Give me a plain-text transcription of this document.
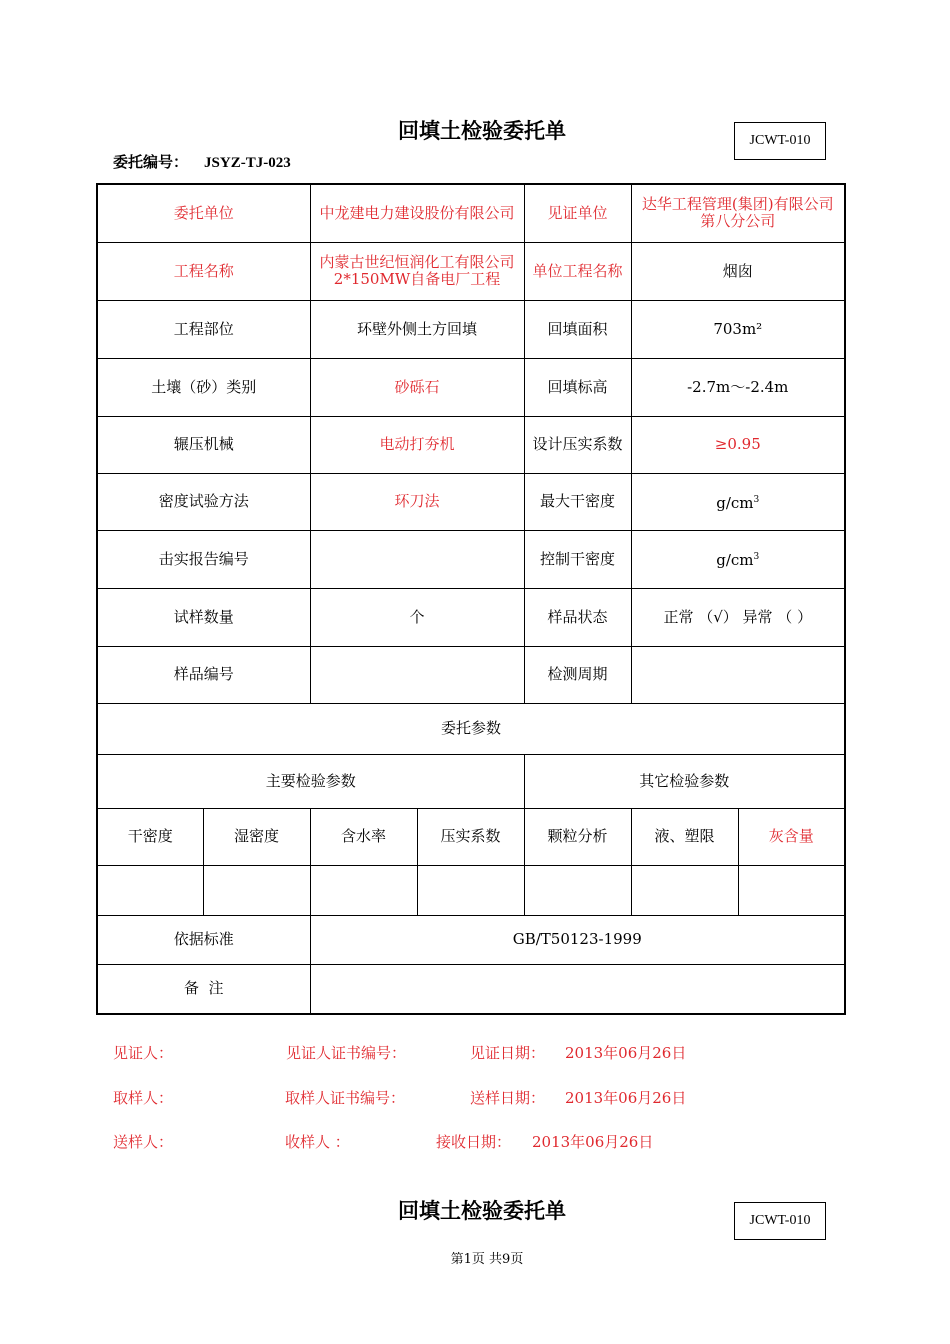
回填土检验委托单	JCWT-010
委托编号： JSYZ-TJ-023
委托单位		中龙建电力建设股份有限公司		见证单位	达华工程管理(集团)有限公司第八分公司	
工程名称		内蒙古世纪恒润化工有限公司2*150MW自备电厂工程		单位工程名称	烟囱	
工程部位		环壁外侧土方回填		回填面积	703m²	
土壤（砂）类别		砂砾石		回填标高	-2.7m～-2.4m	
辗压机械		电动打夯机		设计压实系数	≥0.95	
密度试验方法		环刀法		最大干密度	$g/cm^3$
击实报告编号				控制干密度	$g/cm^3$
试样数量		个		样品状态	正常 （√） 异常 （ ）	
样品编号				检测周期		
委托参数						
主要检验参数				其它检验参数		
干密度	湿密度	含水率	压实系数	颗粒分析	液、塑限	灰含量

依据标准		GB/T50123-1999				
备  注						
见证人：	见证人证书编号：	见证日期： 2013年06月26日
取样人：	取样人证书编号：	送样日期： 2013年06月26日
送样人：	收样人 ：	接收日期： 2013年06月26日
回填土检验委托单	JCWT-010
第1页 共9页
